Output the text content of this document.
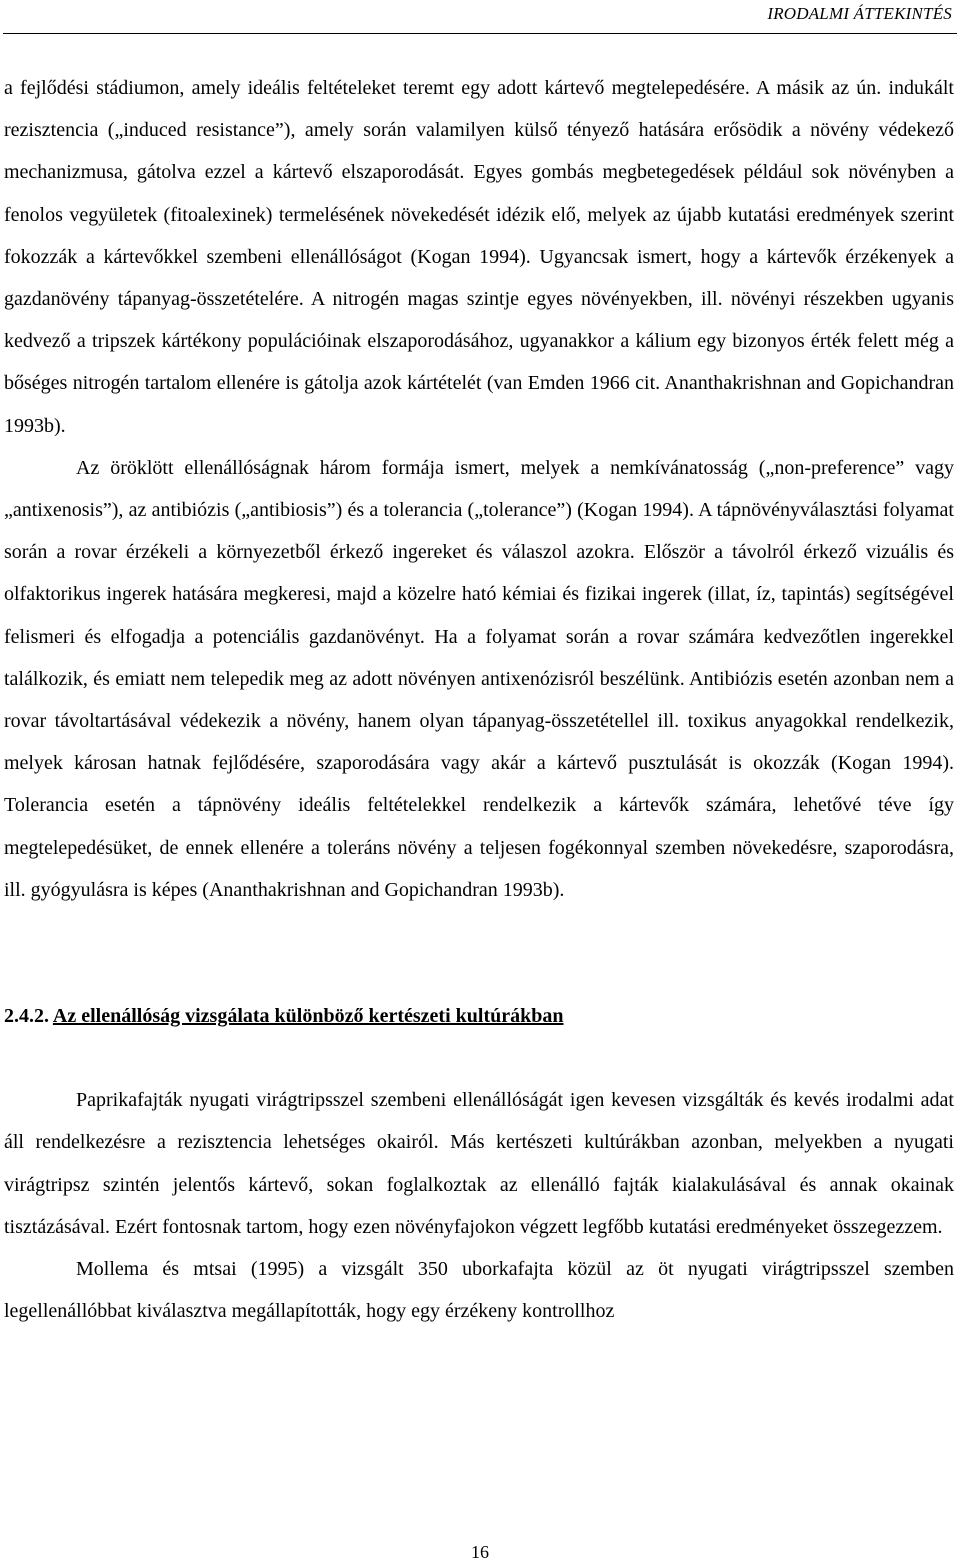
IRODALMI ÁTTEKINTÉS

a fejlődési stádiumon, amely ideális feltételeket teremt egy adott kártevő megtelepedésére. A másik az ún. indukált rezisztencia („induced resistance”), amely során valamilyen külső tényező hatására erősödik a növény védekező mechanizmusa, gátolva ezzel a kártevő elszaporodását. Egyes gombás megbetegedések például sok növényben a fenolos vegyületek (fitoalexinek) termelésének növekedését idézik elő, melyek az újabb kutatási eredmények szerint fokozzák a kártevőkkel szembeni ellenállóságot (Kogan 1994). Ugyancsak ismert, hogy a kártevők érzékenyek a gazdanövény tápanyag-összetételére. A nitrogén magas szintje egyes növényekben, ill. növényi részekben ugyanis kedvező a tripszek kártékony populációinak elszaporodásához, ugyanakkor a kálium egy bizonyos érték felett még a bőséges nitrogén tartalom ellenére is gátolja azok kártételét (van Emden 1966 cit. Ananthakrishnan and Gopichandran 1993b).

Az öröklött ellenállóságnak három formája ismert, melyek a nemkívánatosság („non-preference” vagy „antixenosis”), az antibiózis („antibiosis”) és a tolerancia („tolerance”) (Kogan 1994). A tápnövényválasztási folyamat során a rovar érzékeli a környezetből érkező ingereket és válaszol azokra. Először a távolról érkező vizuális és olfaktorikus ingerek hatására megkeresi, majd a közelre ható kémiai és fizikai ingerek (illat, íz, tapintás) segítségével felismeri és elfogadja a potenciális gazdanövényt. Ha a folyamat során a rovar számára kedvezőtlen ingerekkel találkozik, és emiatt nem telepedik meg az adott növényen antixenózisról beszélünk. Antibiózis esetén azonban nem a rovar távoltartásával védekezik a növény, hanem olyan tápanyag-összetétellel ill. toxikus anyagokkal rendelkezik, melyek károsan hatnak fejlődésére, szaporodására vagy akár a kártevő pusztulását is okozzák (Kogan 1994). Tolerancia esetén a tápnövény ideális feltételekkel rendelkezik a kártevők számára, lehetővé téve így megtelepedésüket, de ennek ellenére a toleráns növény a teljesen fogékonnyal szemben növekedésre, szaporodásra, ill. gyógyulásra is képes (Ananthakrishnan and Gopichandran 1993b).

2.4.2. Az ellenállóság vizsgálata különböző kertészeti kultúrákban

Paprikafajták nyugati virágtripsszel szembeni ellenállóságát igen kevesen vizsgálták és kevés irodalmi adat áll rendelkezésre a rezisztencia lehetséges okairól. Más kertészeti kultúrákban azonban, melyekben a nyugati virágtripsz szintén jelentős kártevő, sokan foglalkoztak az ellenálló fajták kialakulásával és annak okainak tisztázásával. Ezért fontosnak tartom, hogy ezen növényfajokon végzett legfőbb kutatási eredményeket összegezzem.

Mollema és mtsai (1995) a vizsgált 350 uborkafajta közül az öt nyugati virágtripsszel szemben legellenállóbbat kiválasztva megállapították, hogy egy érzékeny kontrollhoz

16
